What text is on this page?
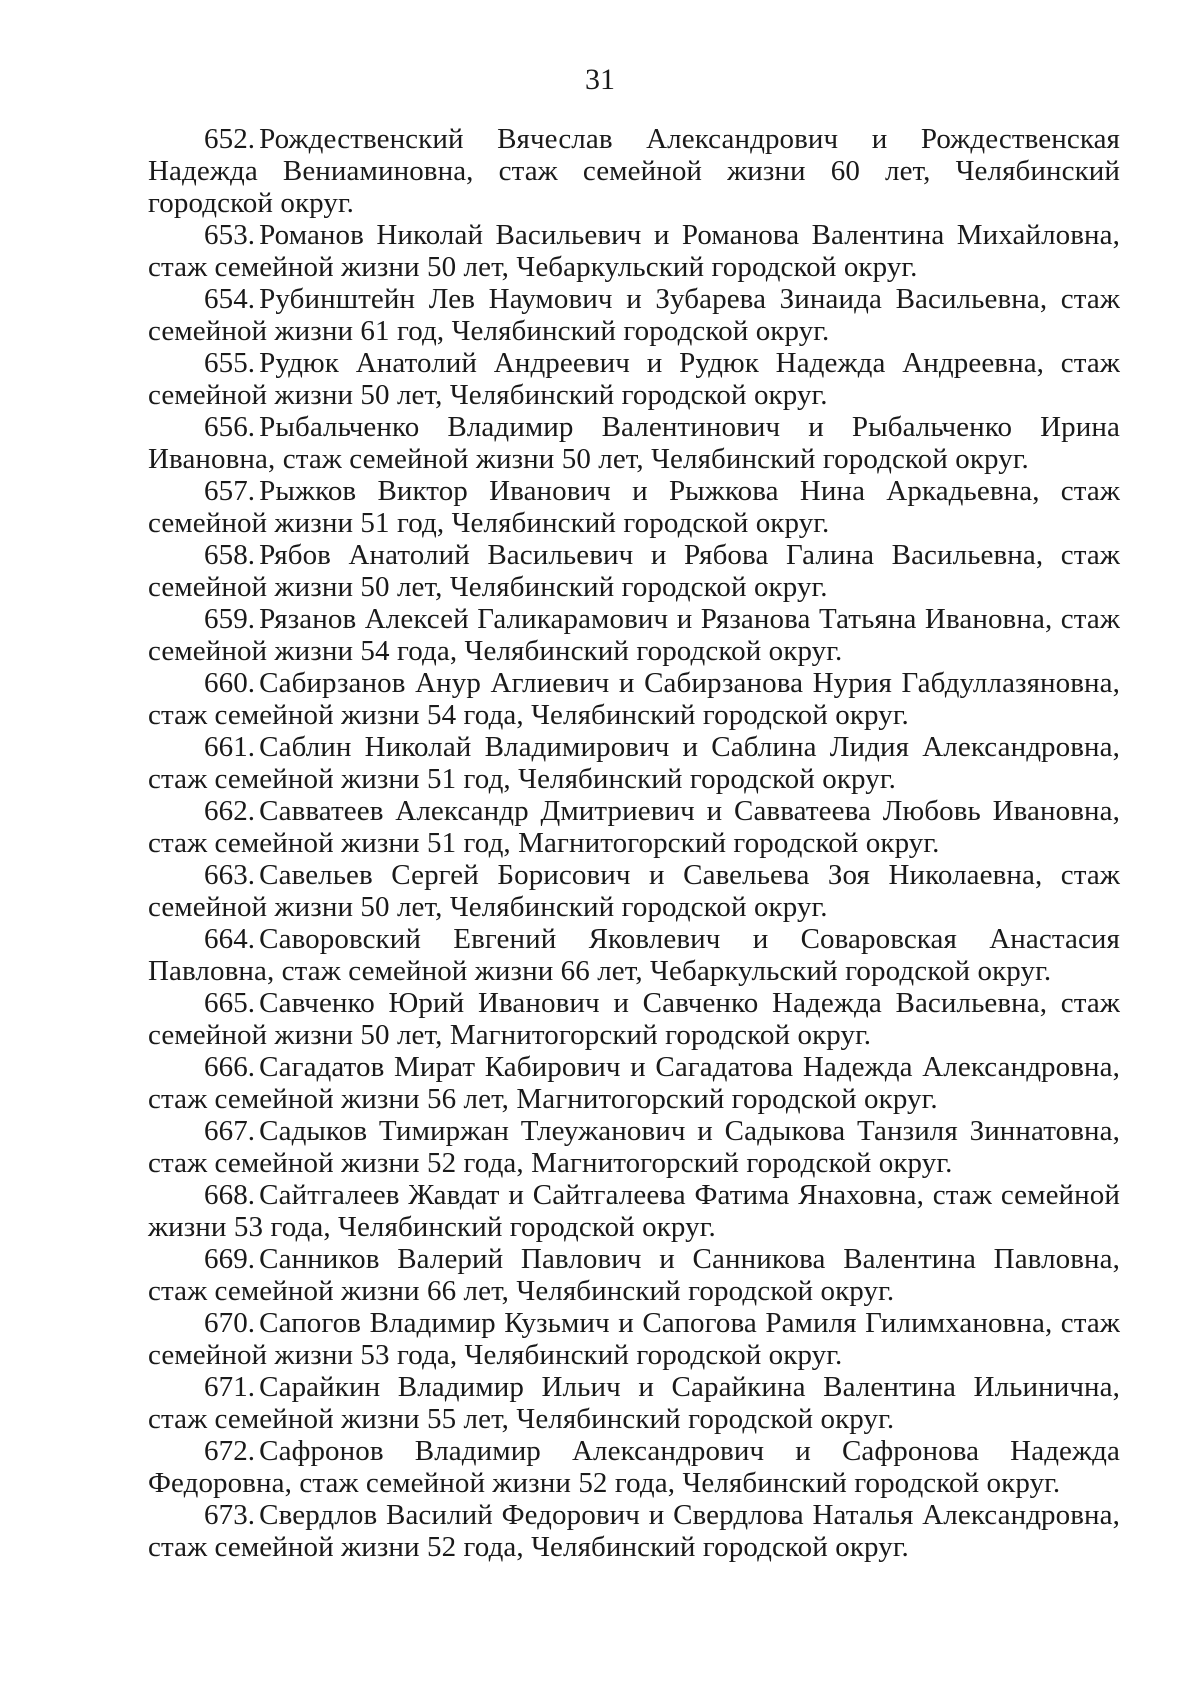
31

652. Рождественский Вячеслав Александрович и Рождественская Надежда Вениаминовна, стаж семейной жизни 60 лет, Челябинский городской округ.

653. Романов Николай Васильевич и Романова Валентина Михайловна, стаж семейной жизни 50 лет, Чебаркульский городской округ.

654. Рубинштейн Лев Наумович и Зубарева Зинаида Васильевна, стаж семейной жизни 61 год, Челябинский городской округ.

655. Рудюк Анатолий Андреевич и Рудюк Надежда Андреевна, стаж семейной жизни 50 лет, Челябинский городской округ.

656. Рыбальченко Владимир Валентинович и Рыбальченко Ирина Ивановна, стаж семейной жизни 50 лет, Челябинский городской округ.

657. Рыжков Виктор Иванович и Рыжкова Нина Аркадьевна, стаж семейной жизни 51 год, Челябинский городской округ.

658. Рябов Анатолий Васильевич и Рябова Галина Васильевна, стаж семейной жизни 50 лет, Челябинский городской округ.

659. Рязанов Алексей Галикарамович и Рязанова Татьяна Ивановна, стаж семейной жизни 54 года, Челябинский городской округ.

660. Сабирзанов Анур Аглиевич и Сабирзанова Нурия Габдуллазяновна, стаж семейной жизни 54 года, Челябинский городской округ.

661. Саблин Николай Владимирович и Саблина Лидия Александровна, стаж семейной жизни 51 год, Челябинский городской округ.

662. Савватеев Александр Дмитриевич и Савватеева Любовь Ивановна, стаж семейной жизни 51 год, Магнитогорский городской округ.

663. Савельев Сергей Борисович и Савельева Зоя Николаевна, стаж семейной жизни 50 лет, Челябинский городской округ.

664. Саворовский Евгений Яковлевич и Соваровская Анастасия Павловна, стаж семейной жизни 66 лет, Чебаркульский городской округ.

665. Савченко Юрий Иванович и Савченко Надежда Васильевна, стаж семейной жизни 50 лет, Магнитогорский городской округ.

666. Сагадатов Мират Кабирович и Сагадатова Надежда Александровна, стаж семейной жизни 56 лет, Магнитогорский городской округ.

667. Садыков Тимиржан Тлеужанович и Садыкова Танзиля Зиннатовна, стаж семейной жизни 52 года, Магнитогорский городской округ.

668. Сайтгалеев Жавдат и Сайтгалеева Фатима Янаховна, стаж семейной жизни 53 года, Челябинский городской округ.

669. Санников Валерий Павлович и Санникова Валентина Павловна, стаж семейной жизни 66 лет, Челябинский городской округ.

670. Сапогов Владимир Кузьмич и Сапогова Рамиля Гилимхановна, стаж семейной жизни 53 года, Челябинский городской округ.

671. Сарайкин Владимир Ильич и Сарайкина Валентина Ильинична, стаж семейной жизни 55 лет, Челябинский городской округ.

672. Сафронов Владимир Александрович и Сафронова Надежда Федоровна, стаж семейной жизни 52 года, Челябинский городской округ.

673. Свердлов Василий Федорович и Свердлова Наталья Александровна, стаж семейной жизни 52 года, Челябинский городской округ.
